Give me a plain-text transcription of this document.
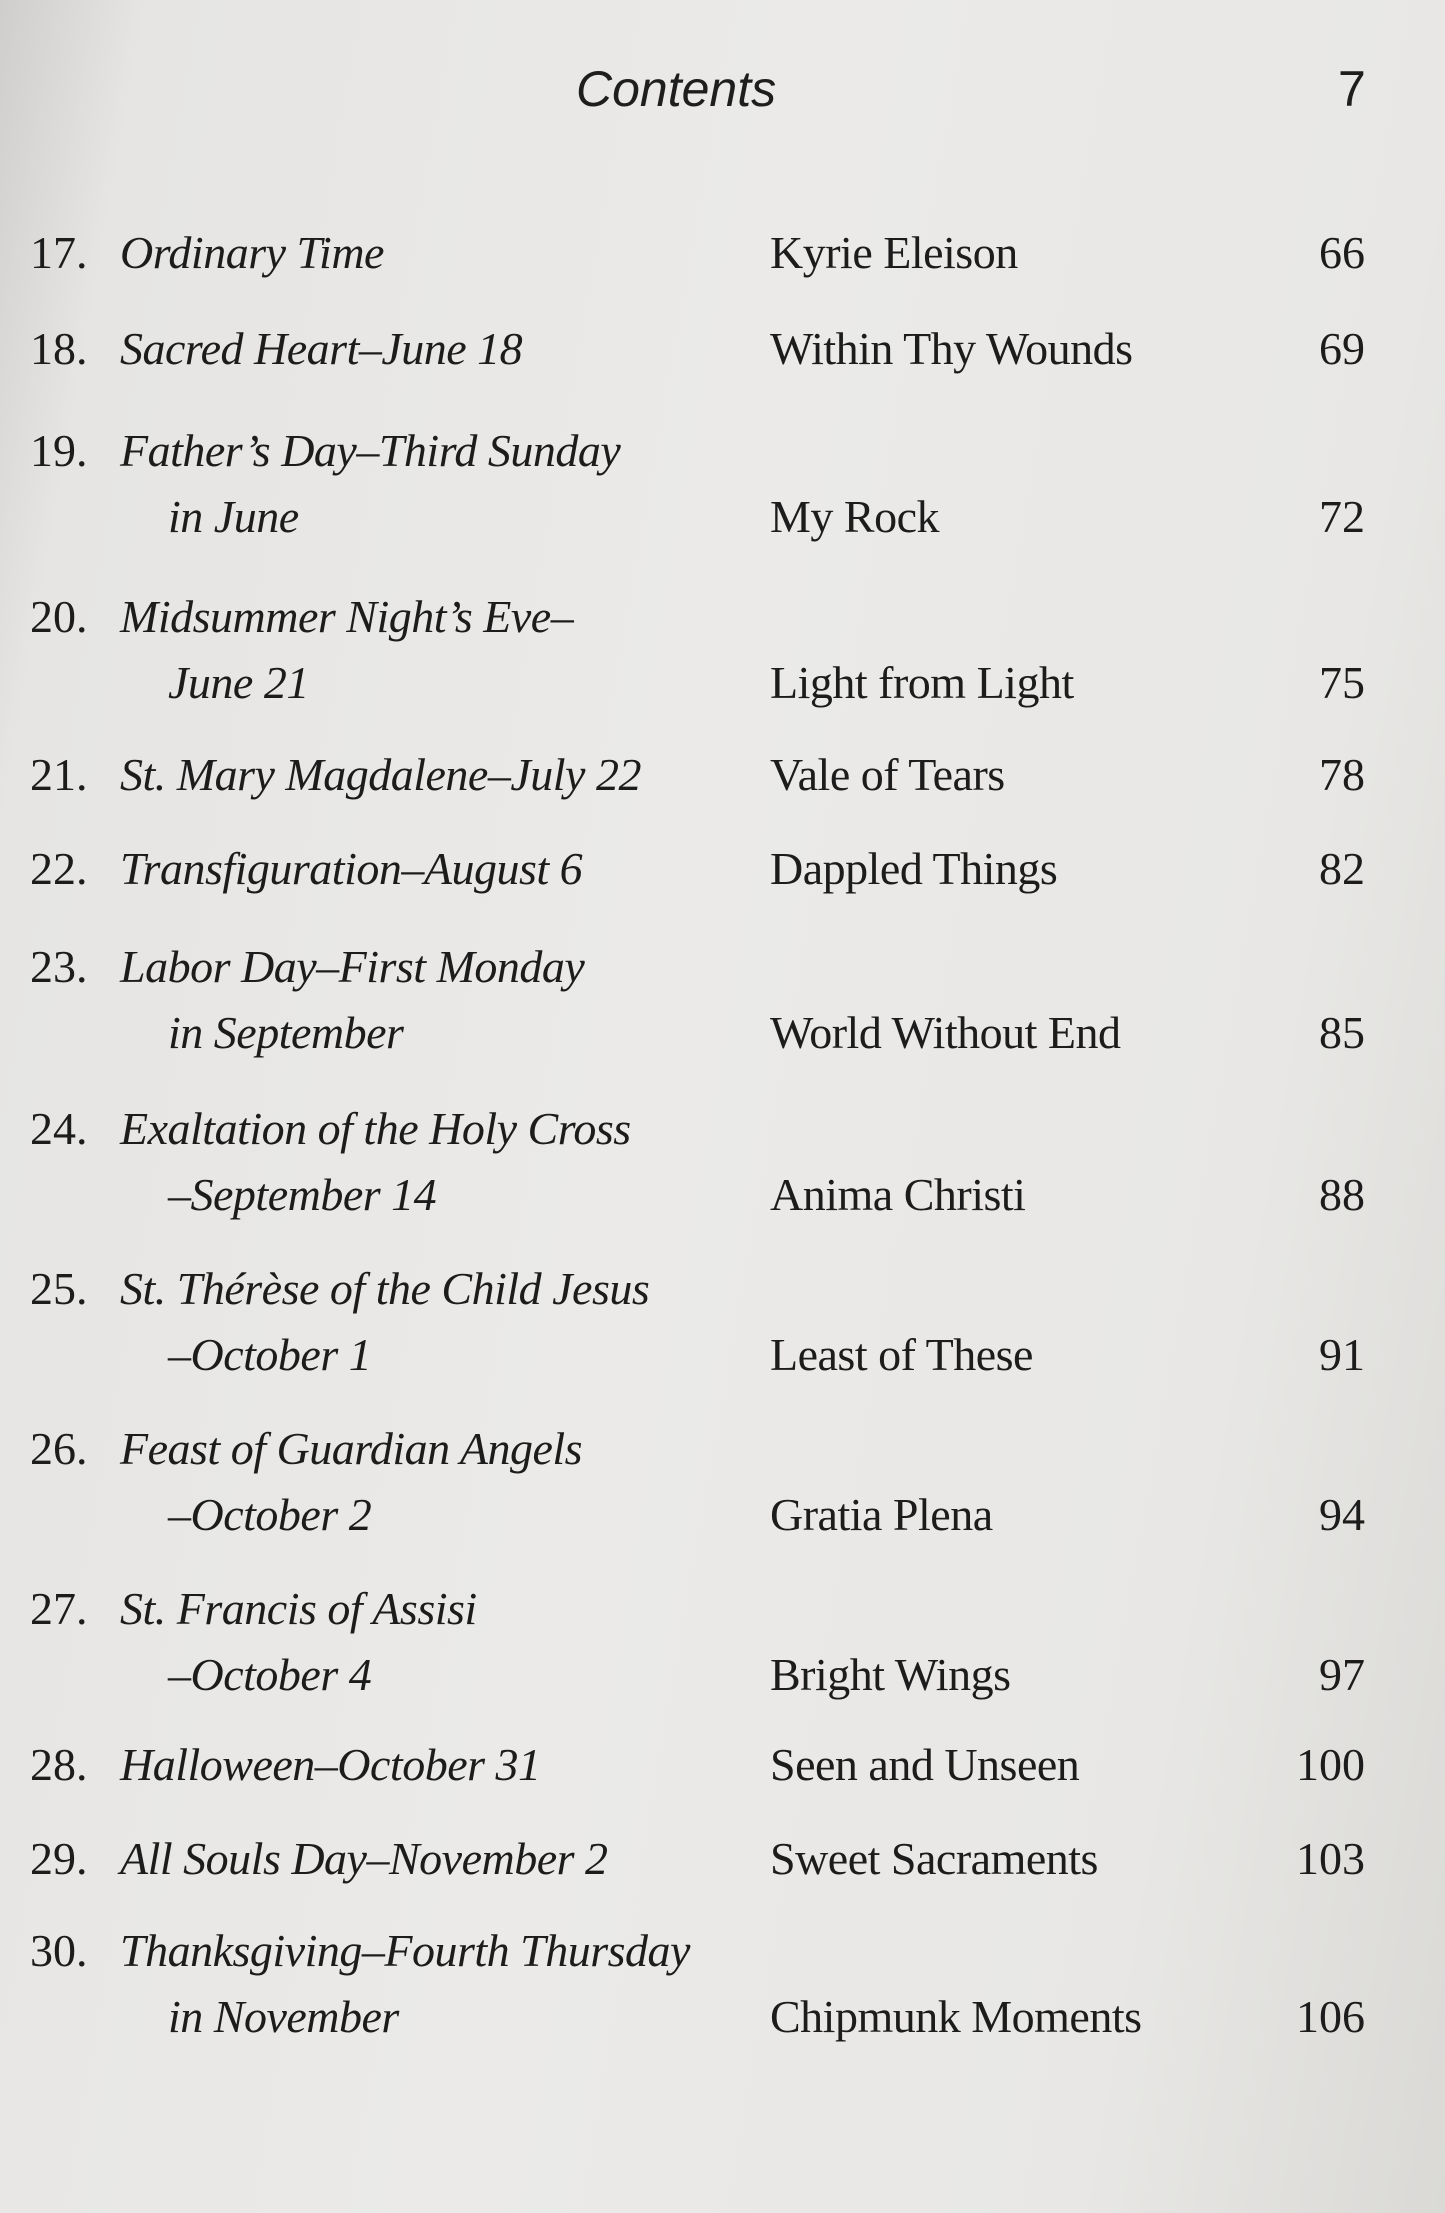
Contents	7
17. Ordinary Time	Kyrie Eleison	66
18. Sacred Heart–June 18	Within Thy Wounds	69
19. Father’s Day–Third Sunday
in June	My Rock	72
20. Midsummer Night’s Eve–
June 21	Light from Light	75
21. St. Mary Magdalene–July 22	Vale of Tears	78
22. Transfiguration–August 6	Dappled Things	82
23. Labor Day–First Monday
in September	World Without End	85
24. Exaltation of the Holy Cross
–September 14	Anima Christi	88
25. St. Thérèse of the Child Jesus
–October 1	Least of These	91
26. Feast of Guardian Angels
–October 2	Gratia Plena	94
27. St. Francis of Assisi
–October 4	Bright Wings	97
28. Halloween–October 31	Seen and Unseen	100
29. All Souls Day–November 2	Sweet Sacraments	103
30. Thanksgiving–Fourth Thursday
in November	Chipmunk Moments	106
